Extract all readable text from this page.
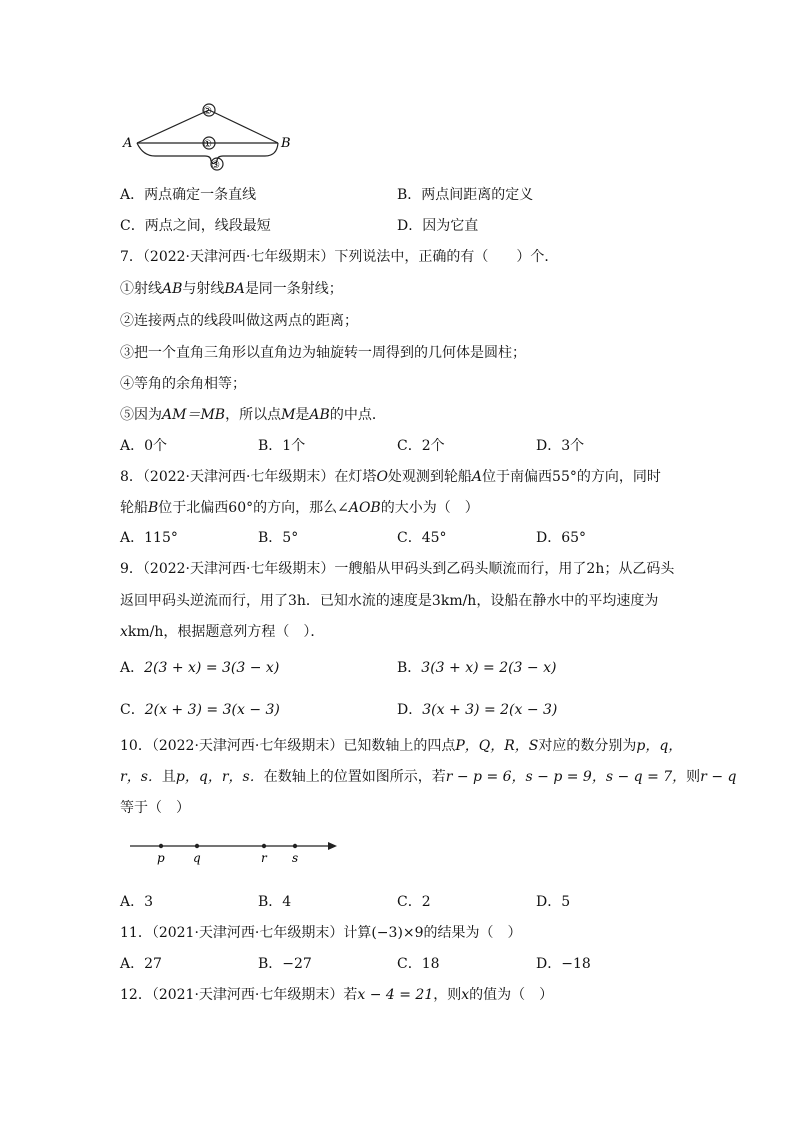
A	B
②
①
③
A．两点确定一条直线	B．两点间距离的定义
C．两点之间，线段最短	D．因为它直
7．（2022·天津河西·七年级期末）下列说法中，正确的有（　　）个．
①射线AB与射线BA是同一条射线；
②连接两点的线段叫做这两点的距离；
③把一个直角三角形以直角边为轴旋转一周得到的几何体是圆柱；
④等角的余角相等；
⑤因为AM＝MB，所以点M是AB的中点．
A．0个	B．1个	C．2个	D．3个
8．（2022·天津河西·七年级期末）在灯塔O处观测到轮船A位于南偏西55°的方向，同时
轮船B位于北偏西60°的方向，那么∠AOB的大小为（　）
A．115°	B．5°	C．45°	D．65°
9．（2022·天津河西·七年级期末）一艘船从甲码头到乙码头顺流而行，用了2h；从乙码头
返回甲码头逆流而行，用了3h．已知水流的速度是3km/h，设船在静水中的平均速度为
xkm/h，根据题意列方程（　）．
A．2(3 + x) = 3(3 − x)	B．3(3 + x) = 2(3 − x)
C．2(x + 3) = 3(x − 3)	D．3(x + 3) = 2(x − 3)
10．（2022·天津河西·七年级期末）已知数轴上的四点P，Q，R，S对应的数分别为p，q，
r，s．且p，q，r，s．在数轴上的位置如图所示，若r − p = 6，s − p = 9，s − q = 7，则r − q
等于（　）
p q	r s
A．3	B．4	C．2	D．5
11．（2021·天津河西·七年级期末）计算(−3)×9的结果为（　）
A．27	B．−27	C．18	D．−18
12．（2021·天津河西·七年级期末）若x − 4 = 21，则x的值为（　）
